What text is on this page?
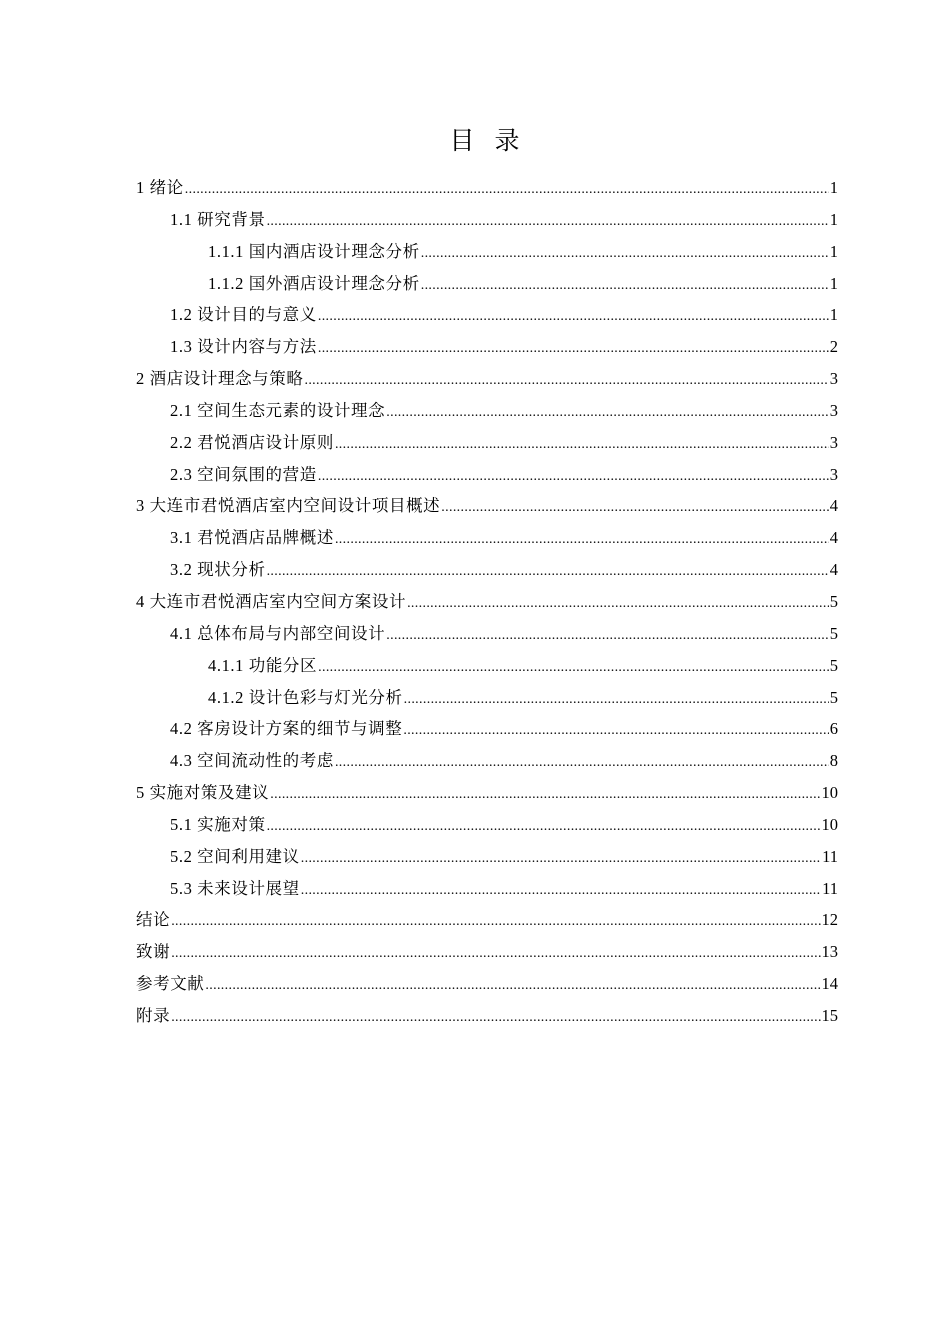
目 录
1 绪论 .....	1
1.1 研究背景 .....	1
1.1.1 国内酒店设计理念分析 .....	1
1.1.2 国外酒店设计理念分析 .....	1
1.2 设计目的与意义 .....	1
1.3 设计内容与方法 .....	2
2 酒店设计理念与策略 .....	3
2.1 空间生态元素的设计理念 .....	3
2.2 君悦酒店设计原则 .....	3
2.3 空间氛围的营造 .....	3
3 大连市君悦酒店室内空间设计项目概述 .....	4
3.1 君悦酒店品牌概述 .....	4
3.2 现状分析 .....	4
4 大连市君悦酒店室内空间方案设计 .....	5
4.1 总体布局与内部空间设计 .....	5
4.1.1 功能分区 .....	5
4.1.2 设计色彩与灯光分析 .....	5
4.2 客房设计方案的细节与调整 .....	6
4.3 空间流动性的考虑 .....	8
5 实施对策及建议 .....	10
5.1 实施对策 .....	10
5.2 空间利用建议 .....	11
5.3 未来设计展望 .....	11
结论 .....	12
致谢 .....	13
参考文献 .....	14
附录 .....	15
